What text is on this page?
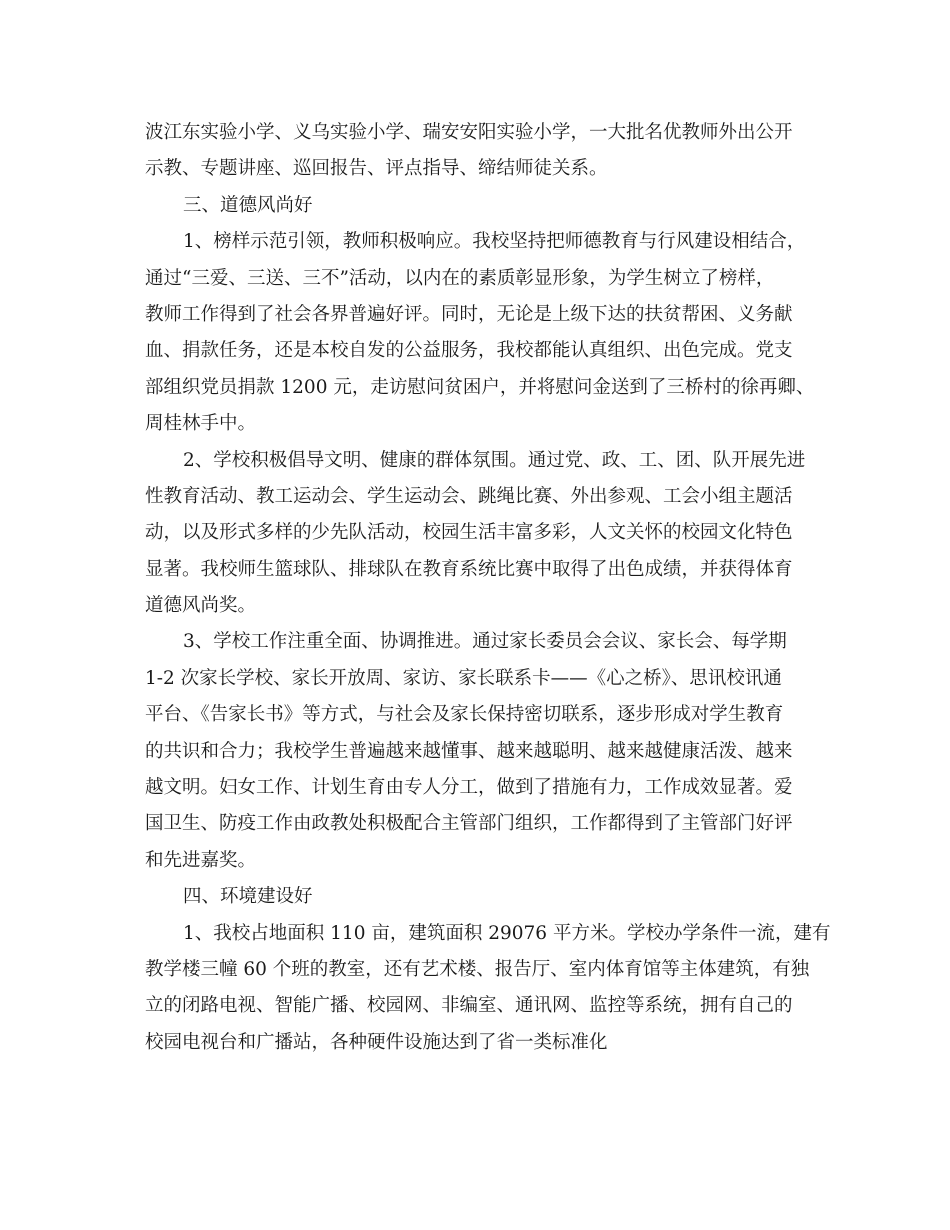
波江东实验小学、义乌实验小学、瑞安安阳实验小学，一大批名优教师外出公开
示教、专题讲座、巡回报告、评点指导、缔结师徒关系。
三、道德风尚好
1、榜样示范引领，教师积极响应。我校坚持把师德教育与行风建设相结合，
通过“三爱、三送、三不”活动，以内在的素质彰显形象，为学生树立了榜样，
教师工作得到了社会各界普遍好评。同时，无论是上级下达的扶贫帮困、义务献
血、捐款任务，还是本校自发的公益服务，我校都能认真组织、出色完成。党支
部组织党员捐款 1200 元，走访慰问贫困户，并将慰问金送到了三桥村的徐再卿、
周桂林手中。
2、学校积极倡导文明、健康的群体氛围。通过党、政、工、团、队开展先进
性教育活动、教工运动会、学生运动会、跳绳比赛、外出参观、工会小组主题活
动，以及形式多样的少先队活动，校园生活丰富多彩，人文关怀的校园文化特色
显著。我校师生篮球队、排球队在教育系统比赛中取得了出色成绩，并获得体育
道德风尚奖。
3、学校工作注重全面、协调推进。通过家长委员会会议、家长会、每学期
1-2 次家长学校、家长开放周、家访、家长联系卡——《心之桥》、思讯校讯通
平台、《告家长书》等方式，与社会及家长保持密切联系，逐步形成对学生教育
的共识和合力；我校学生普遍越来越懂事、越来越聪明、越来越健康活泼、越来
越文明。妇女工作、计划生育由专人分工，做到了措施有力，工作成效显著。爱
国卫生、防疫工作由政教处积极配合主管部门组织，工作都得到了主管部门好评
和先进嘉奖。
四、环境建设好
1、我校占地面积 110 亩，建筑面积 29076 平方米。学校办学条件一流，建有
教学楼三幢 60 个班的教室，还有艺术楼、报告厅、室内体育馆等主体建筑，有独
立的闭路电视、智能广播、校园网、非编室、通讯网、监控等系统，拥有自己的
校园电视台和广播站，各种硬件设施达到了省一类标准化
